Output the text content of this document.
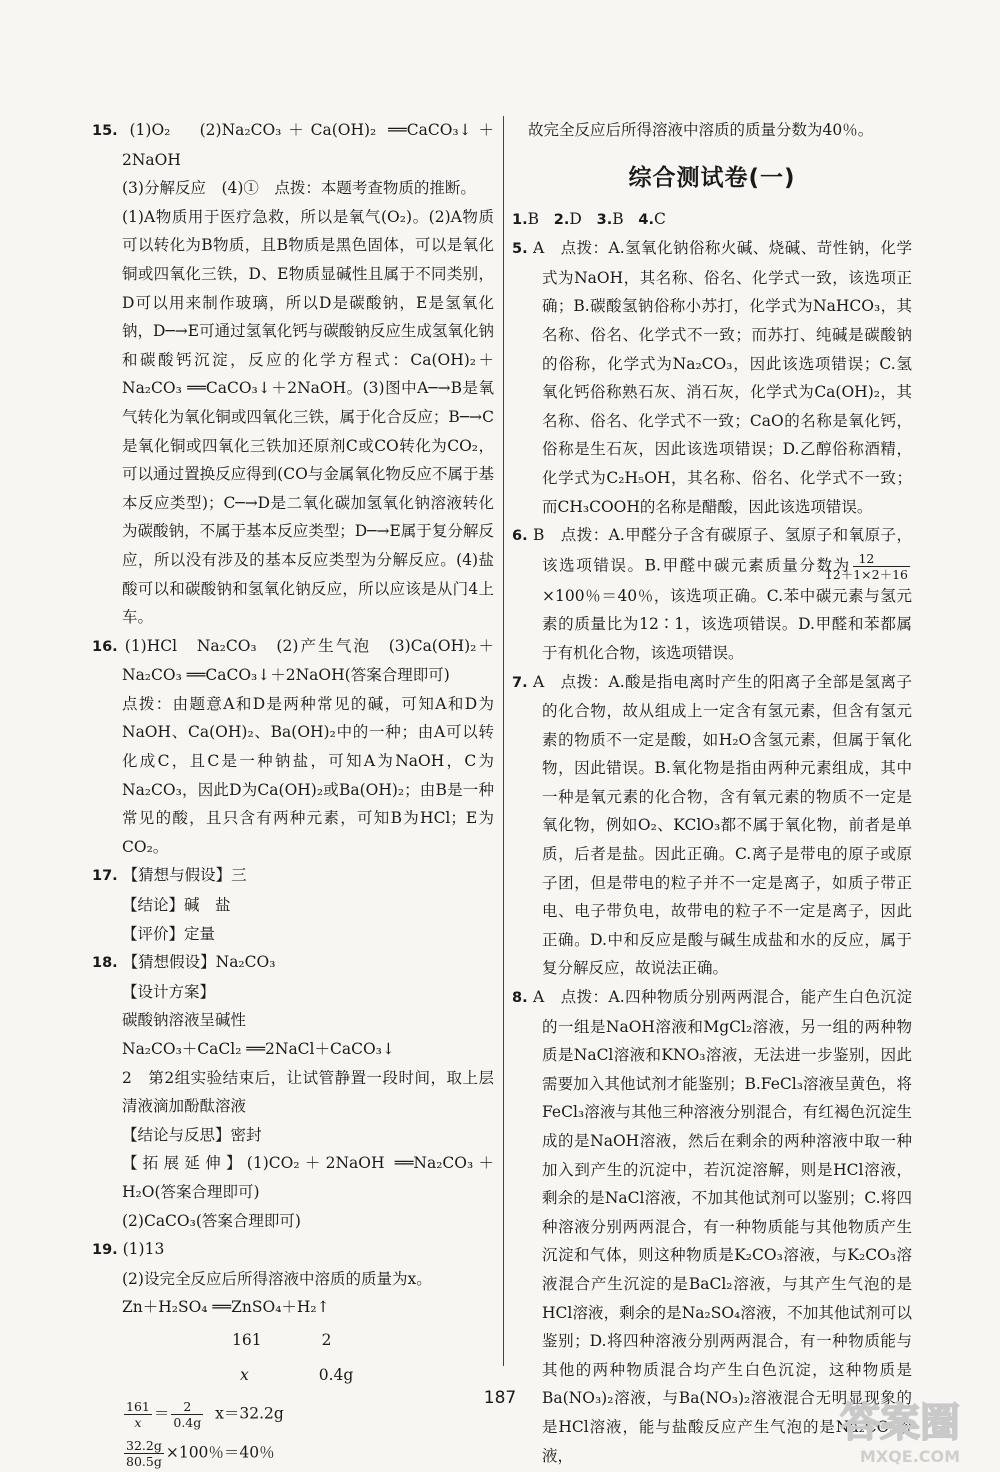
15. (1)O₂　(2)Na₂CO₃＋Ca(OH)₂ ══CaCO₃↓＋2NaOH

(3)分解反应　(4)①　点拨：本题考查物质的推断。

(1)A物质用于医疗急救，所以是氧气(O₂)。(2)A物质可以转化为B物质，且B物质是黑色固体，可以是氧化铜或四氧化三铁，D、E物质显碱性且属于不同类别，D可以用来制作玻璃，所以D是碳酸钠，E是氢氧化钠，D─→E可通过氢氧化钙与碳酸钠反应生成氢氧化钠和碳酸钙沉淀，反应的化学方程式：Ca(OH)₂＋Na₂CO₃ ══CaCO₃↓＋2NaOH。(3)图中A─→B是氧气转化为氧化铜或四氧化三铁，属于化合反应；B─→C是氧化铜或四氧化三铁加还原剂C或CO转化为CO₂，可以通过置换反应得到(CO与金属氧化物反应不属于基本反应类型)；C─→D是二氧化碳加氢氧化钠溶液转化为碳酸钠，不属于基本反应类型；D─→E属于复分解反应，所以没有涉及的基本反应类型为分解反应。(4)盐酸可以和碳酸钠和氢氧化钠反应，所以应该是从门4上车。

16. (1)HCl　Na₂CO₃　(2)产生气泡　(3)Ca(OH)₂＋Na₂CO₃ ══CaCO₃↓＋2NaOH(答案合理即可)

点拨：由题意A和D是两种常见的碱，可知A和D为NaOH、Ca(OH)₂、Ba(OH)₂中的一种；由A可以转化成C，且C是一种钠盐，可知A为NaOH，C为Na₂CO₃，因此D为Ca(OH)₂或Ba(OH)₂；由B是一种常见的酸，且只含有两种元素，可知B为HCl；E为CO₂。

17. 【猜想与假设】三

【结论】碱　盐

【评价】定量

18. 【猜想假设】Na₂CO₃

【设计方案】

碳酸钠溶液呈碱性

Na₂CO₃＋CaCl₂ ══2NaCl＋CaCO₃↓

2　第2组实验结束后，让试管静置一段时间，取上层清液滴加酚酞溶液

【结论与反思】密封

【拓展延伸】(1)CO₂＋2NaOH ══Na₂CO₃＋H₂O(答案合理即可)

(2)CaCO₃(答案合理即可)

19. (1)13

(2)设完全反应后所得溶液中溶质的质量为x。

Zn＋H₂SO₄ ══ZnSO₄＋H₂↑

161	2

x	0.4g

$\frac{161}{x} = \frac{2}{0.4g} x=32.2g$

$\frac{32.2g}{80.5g} \times 100$％＝40％

故完全反应后所得溶液中溶质的质量分数为40％。

综合测试卷(一)

1.B 2.D 3.B 4.C

5. A　点拨：A.氢氧化钠俗称火碱、烧碱、苛性钠，化学式为NaOH，其名称、俗名、化学式一致，该选项正确；B.碳酸氢钠俗称小苏打，化学式为NaHCO₃，其名称、俗名、化学式不一致；而苏打、纯碱是碳酸钠的俗称，化学式为Na₂CO₃，因此该选项错误；C.氢氧化钙俗称熟石灰、消石灰，化学式为Ca(OH)₂，其名称、俗名、化学式不一致；CaO的名称是氧化钙，俗称是生石灰，因此该选项错误；D.乙醇俗称酒精，化学式为C₂H₅OH，其名称、俗名、化学式不一致；而CH₃COOH的名称是醋酸，因此该选项错误。

6. B　点拨：A.甲醛分子含有碳原子、氢原子和氧原子，该选项错误。B.甲醛中碳元素质量分数为 $\frac{12}{12+1\times 2+16}$
×100％＝40％，该选项正确。C.苯中碳元素与氢元素的质量比为12∶1，该选项错误。D.甲醛和苯都属于有机化合物，该选项错误。

7. A　点拨：A.酸是指电离时产生的阳离子全部是氢离子的化合物，故从组成上一定含有氢元素，但含有氢元素的物质不一定是酸，如H₂O含氢元素，但属于氧化物，因此错误。B.氧化物是指由两种元素组成，其中一种是氧元素的化合物，含有氧元素的物质不一定是氧化物，例如O₂、KClO₃都不属于氧化物，前者是单质，后者是盐。因此正确。C.离子是带电的原子或原子团，但是带电的粒子并不一定是离子，如质子带正电、电子带负电，故带电的粒子不一定是离子，因此正确。D.中和反应是酸与碱生成盐和水的反应，属于复分解反应，故说法正确。

8. A　点拨：A.四种物质分别两两混合，能产生白色沉淀的一组是NaOH溶液和MgCl₂溶液，另一组的两种物质是NaCl溶液和KNO₃溶液，无法进一步鉴别，因此需要加入其他试剂才能鉴别；B.FeCl₃溶液呈黄色，将FeCl₃溶液与其他三种溶液分别混合，有红褐色沉淀生成的是NaOH溶液，然后在剩余的两种溶液中取一种加入到产生的沉淀中，若沉淀溶解，则是HCl溶液，剩余的是NaCl溶液，不加其他试剂可以鉴别；C.将四种溶液分别两两混合，有一种物质能与其他物质产生沉淀和气体，则这种物质是K₂CO₃溶液，与K₂CO₃溶液混合产生沉淀的是BaCl₂溶液，与其产生气泡的是HCl溶液，剩余的是Na₂SO₄溶液，不加其他试剂可以鉴别；D.将四种溶液分别两两混合，有一种物质能与其他的两种物质混合均产生白色沉淀，这种物质是Ba(NO₃)₂溶液，与Ba(NO₃)₂溶液混合无明显现象的是HCl溶液，能与盐酸反应产生气泡的是Na₂CO₃溶液，

187
答案圈
MXQE.COM
